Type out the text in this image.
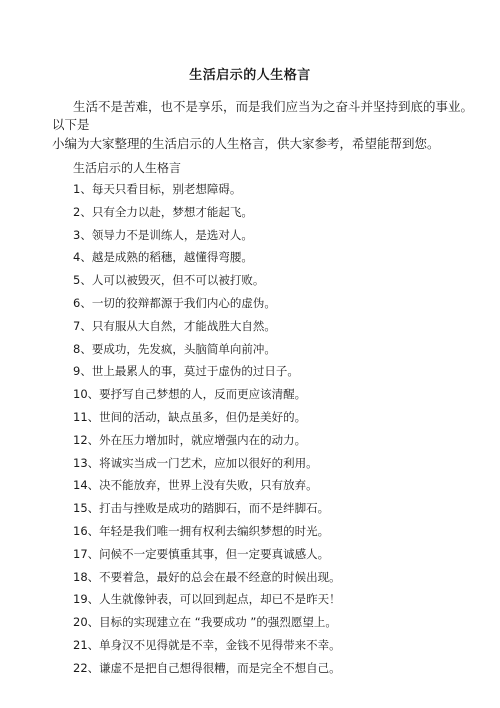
生活启示的人生格言
生活不是苦难，也不是享乐，而是我们应当为之奋斗并坚持到底的事业。
以下是
小编为大家整理的生活启示的人生格言，供大家参考，希望能帮到您。
生活启示的人生格言
1、每天只看目标，别老想障碍。
2、只有全力以赴，梦想才能起飞。
3、领导力不是训练人，是选对人。
4、越是成熟的稻穗，越懂得弯腰。
5、人可以被毁灭，但不可以被打败。
6、一切的狡辩都源于我们内心的虚伪。
7、只有服从大自然，才能战胜大自然。
8、要成功，先发疯，头脑简单向前冲。
9、世上最累人的事，莫过于虚伪的过日子。
10、要抒写自己梦想的人，反而更应该清醒。
11、世间的活动，缺点虽多，但仍是美好的。
12、外在压力增加时，就应增强内在的动力。
13、将诚实当成一门艺术，应加以很好的利用。
14、决不能放弃，世界上没有失败，只有放弃。
15、打击与挫败是成功的踏脚石，而不是绊脚石。
16、年轻是我们唯一拥有权利去编织梦想的时光。
17、问候不一定要慎重其事，但一定要真诚感人。
18、不要着急，最好的总会在最不经意的时候出现。
19、人生就像钟表，可以回到起点，却已不是昨天！
20、目标的实现建立在 “我要成功 ”的强烈愿望上。
21、单身汉不见得就是不幸，金钱不见得带来不幸。
22、谦虚不是把自己想得很糟，而是完全不想自己。
